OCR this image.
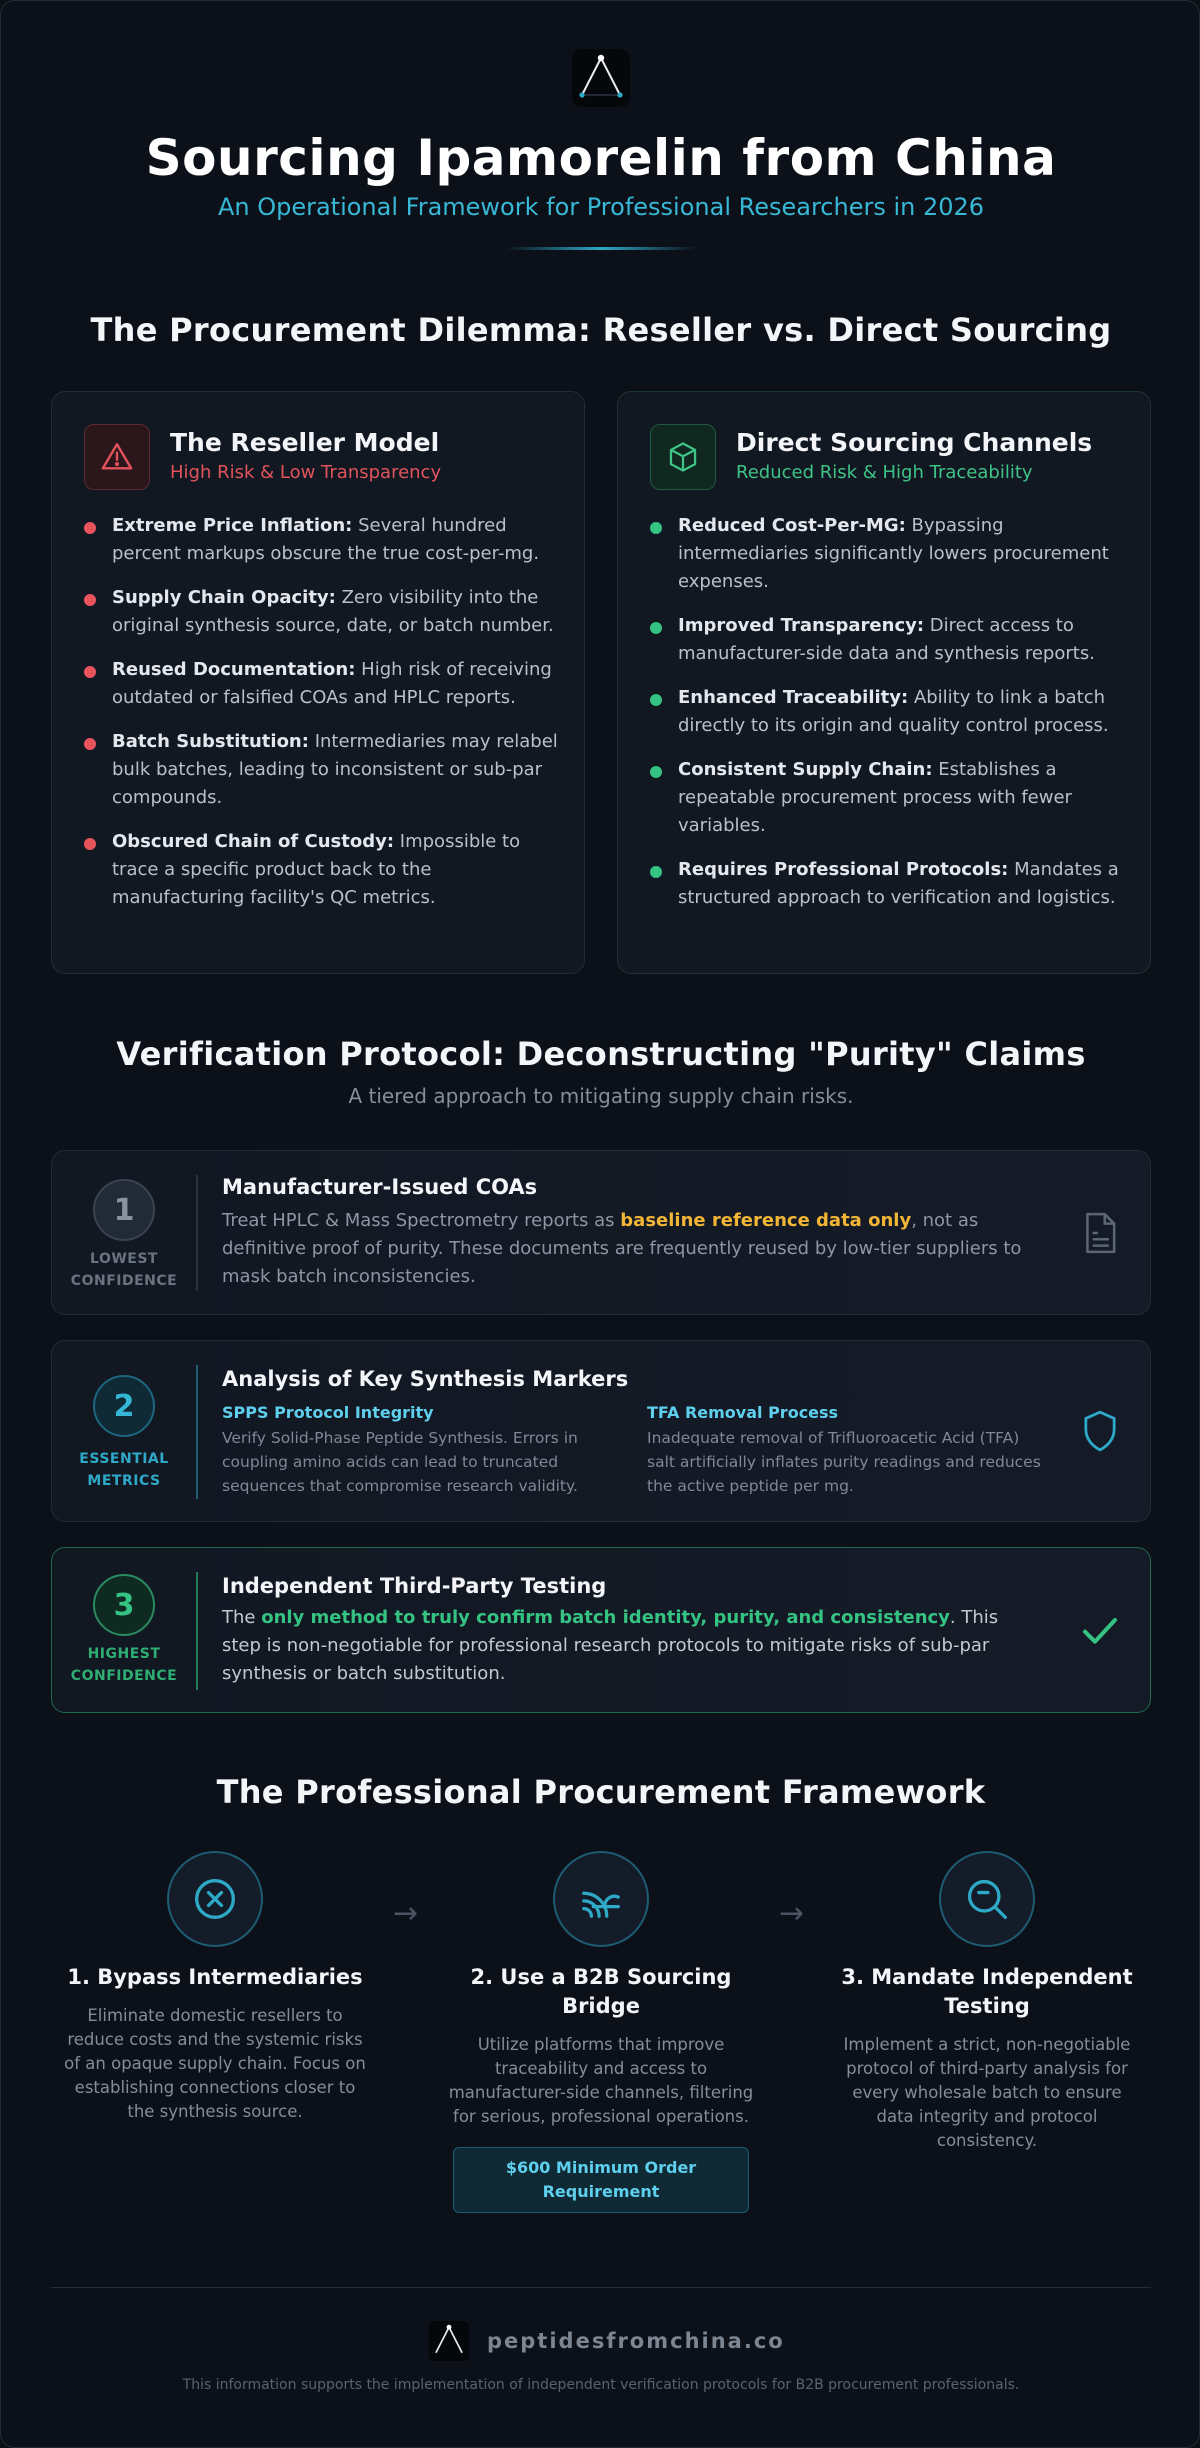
Sourcing Ipamorelin from China
An Operational Framework for Professional Researchers in 2026
The Procurement Dilemma: Reseller vs. Direct Sourcing
The Reseller Model
High Risk & Low Transparency
Extreme Price Inflation: Several hundred percent markups obscure the true cost-per-mg.
Supply Chain Opacity: Zero visibility into the original synthesis source, date, or batch number.
Reused Documentation: High risk of receiving outdated or falsified COAs and HPLC reports.
Batch Substitution: Intermediaries may relabel bulk batches, leading to inconsistent or sub-par compounds.
Obscured Chain of Custody: Impossible to trace a specific product back to the manufacturing facility's QC metrics.
Direct Sourcing Channels
Reduced Risk & High Traceability
Reduced Cost-Per-MG: Bypassing intermediaries significantly lowers procurement expenses.
Improved Transparency: Direct access to manufacturer-side data and synthesis reports.
Enhanced Traceability: Ability to link a batch directly to its origin and quality control process.
Consistent Supply Chain: Establishes a repeatable procurement process with fewer variables.
Requires Professional Protocols: Mandates a structured approach to verification and logistics.
Verification Protocol: Deconstructing "Purity" Claims
A tiered approach to mitigating supply chain risks.
1
LOWEST
CONFIDENCE
Manufacturer-Issued COAs
Treat HPLC & Mass Spectrometry reports as baseline reference data only, not as definitive proof of purity. These documents are frequently reused by low-tier suppliers to mask batch inconsistencies.
2
ESSENTIAL
METRICS
Analysis of Key Synthesis Markers
SPPS Protocol Integrity
Verify Solid-Phase Peptide Synthesis. Errors in coupling amino acids can lead to truncated sequences that compromise research validity.
TFA Removal Process
Inadequate removal of Trifluoroacetic Acid (TFA) salt artificially inflates purity readings and reduces the active peptide per mg.
3
HIGHEST
CONFIDENCE
Independent Third-Party Testing
The only method to truly confirm batch identity, purity, and consistency. This step is non-negotiable for professional research protocols to mitigate risks of sub-par synthesis or batch substitution.
The Professional Procurement Framework
1. Bypass Intermediaries
Eliminate domestic resellers to reduce costs and the systemic risks of an opaque supply chain. Focus on establishing connections closer to the synthesis source.
→
2. Use a B2B Sourcing Bridge
Utilize platforms that improve traceability and access to manufacturer-side channels, filtering for serious, professional operations.
$600 Minimum Order Requirement
→
3. Mandate Independent Testing
Implement a strict, non-negotiable protocol of third-party analysis for every wholesale batch to ensure data integrity and protocol consistency.
peptidesfromchina.co
This information supports the implementation of independent verification protocols for B2B procurement professionals.
